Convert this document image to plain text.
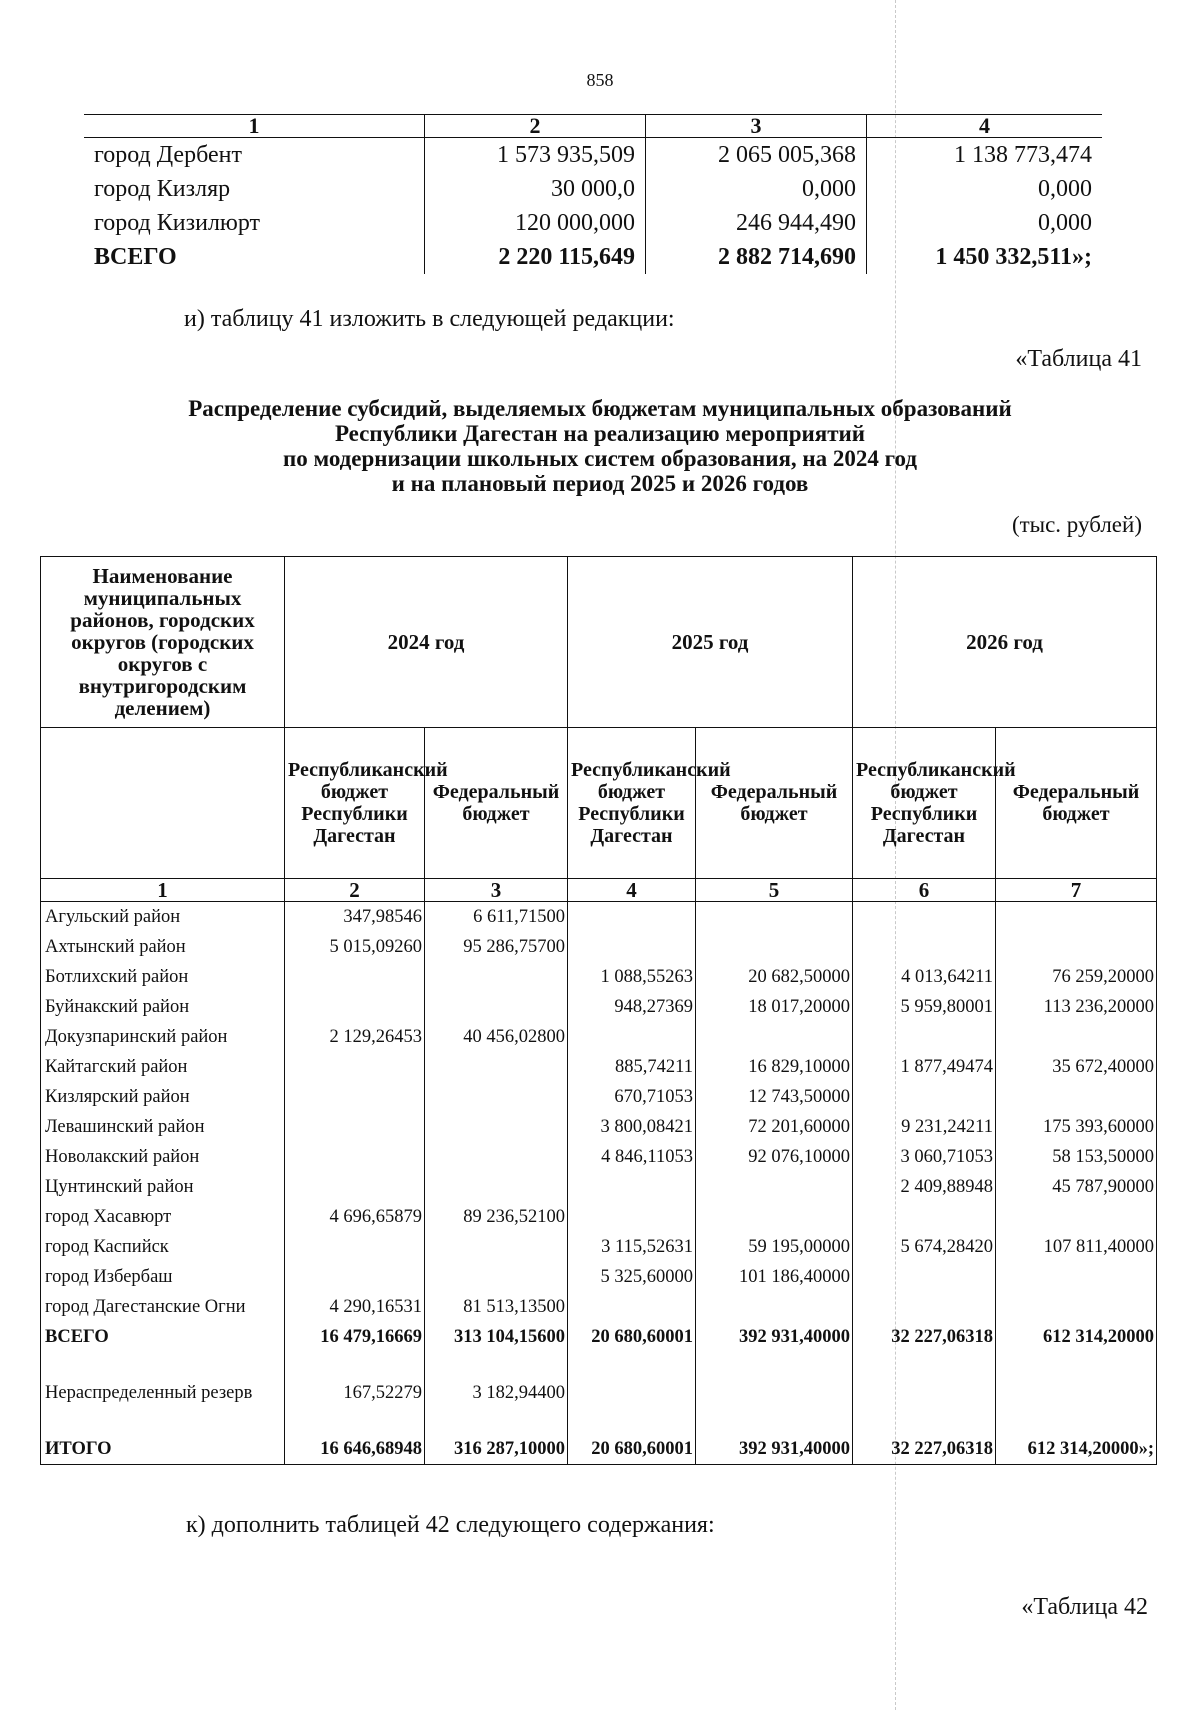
858
1	2	3	4
город Дербент	1 573 935,509	2 065 005,368	1 138 773,474
город Кизляр	30 000,0	0,000	0,000
город Кизилюрт	120 000,000	246 944,490	0,000
ВСЕГО	2 220 115,649	2 882 714,690	1 450 332,511»;
и) таблицу 41 изложить в следующей редакции:
«Таблица 41
Распределение субсидий, выделяемых бюджетам муниципальных образований
Республики Дагестан на реализацию мероприятий
по модернизации школьных систем образования, на 2024 год
и на плановый период 2025 и 2026 годов
(тыс. рублей)
Наименование муниципальных районов, городских округов (городских округов с внутригородским делением)	2024 год		2025 год		2026 год	
	Республиканский бюджет Республики Дагестан	Федеральный бюджет	Республиканский бюджет Республики Дагестан	Федеральный бюджет	Республиканский бюджет Республики Дагестан	Федеральный бюджет
1	2	3	4	5	6	7
Агульский район	347,98546	6 611,71500				
Ахтынский район	5 015,09260	95 286,75700				
Ботлихский район			1 088,55263	20 682,50000	4 013,64211	76 259,20000
Буйнакский район			948,27369	18 017,20000	5 959,80001	113 236,20000
Докузпаринский район	2 129,26453	40 456,02800				
Кайтагский район			885,74211	16 829,10000	1 877,49474	35 672,40000
Кизлярский район			670,71053	12 743,50000		
Левашинский район			3 800,08421	72 201,60000	9 231,24211	175 393,60000
Новолакский район			4 846,11053	92 076,10000	3 060,71053	58 153,50000
Цунтинский район					2 409,88948	45 787,90000
город Хасавюрт	4 696,65879	89 236,52100				
город Каспийск			3 115,52631	59 195,00000	5 674,28420	107 811,40000
город Избербаш			5 325,60000	101 186,40000		
город Дагестанские Огни	4 290,16531	81 513,13500				
ВСЕГО	16 479,16669	313 104,15600	20 680,60001	392 931,40000	32 227,06318	612 314,20000

Нераспределенный резерв	167,52279	3 182,94400				

ИТОГО	16 646,68948	316 287,10000	20 680,60001	392 931,40000	32 227,06318	612 314,20000»;
к) дополнить таблицей 42 следующего содержания:
«Таблица 42
